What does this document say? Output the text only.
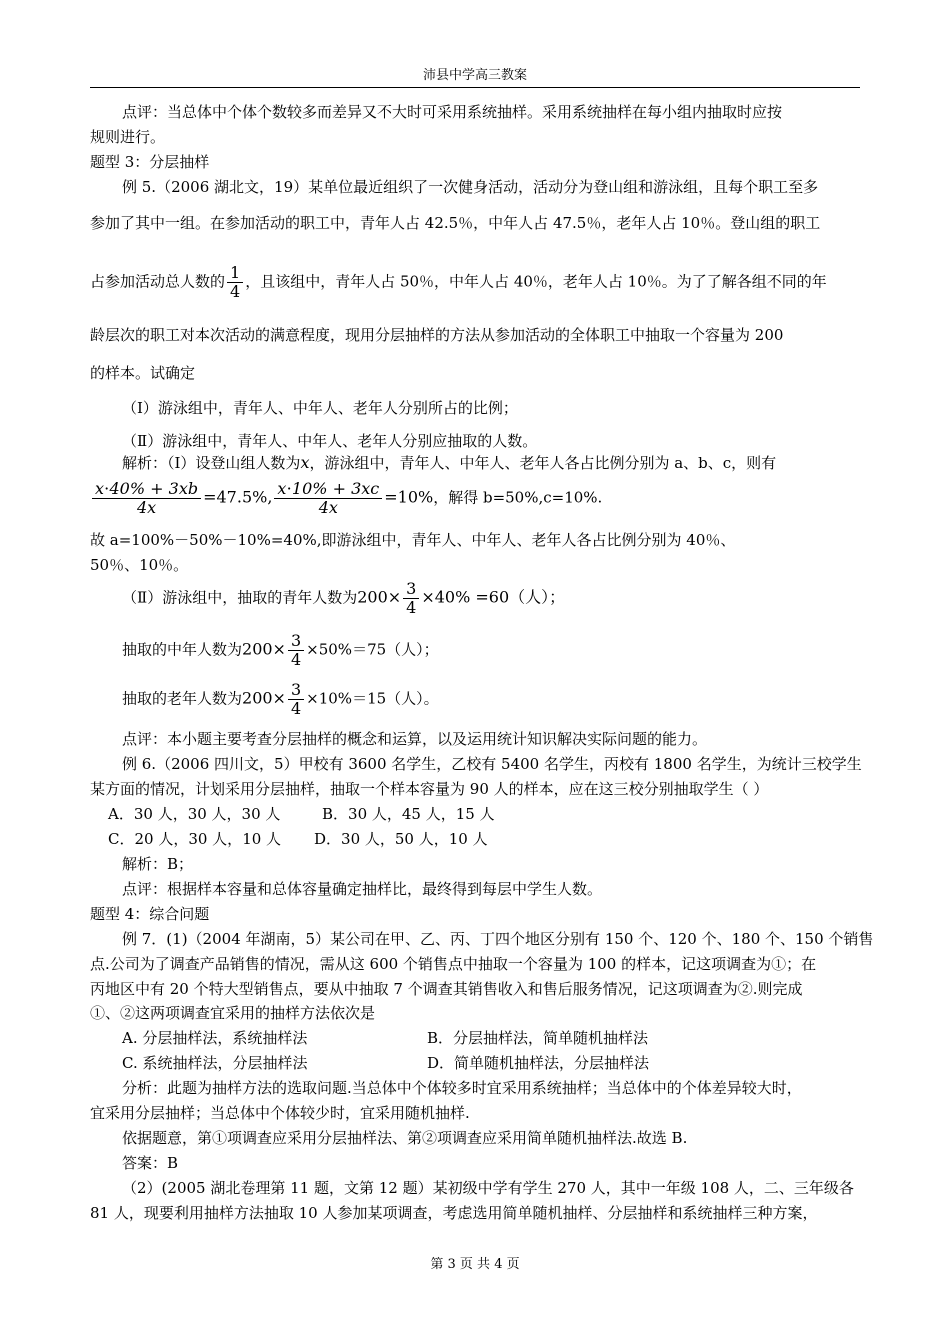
沛县中学高三教案
点评：当总体中个体个数较多而差异又不大时可采用系统抽样。采用系统抽样在每小组内抽取时应按
规则进行。
题型 3：分层抽样
例 5.（2006 湖北文，19）某单位最近组织了一次健身活动，活动分为登山组和游泳组，且每个职工至多
参加了其中一组。在参加活动的职工中，青年人占 42.5％，中年人占 47.5％，老年人占 10％。登山组的职工
占参加活动总人数的 $\frac{1}{4}$ ，且该组中，青年人占 50％，中年人占 40％，老年人占 10％。为了了解各组不同的年
龄层次的职工对本次活动的满意程度，现用分层抽样的方法从参加活动的全体职工中抽取一个容量为 200
的样本。试确定
（Ⅰ）游泳组中，青年人、中年人、老年人分别所占的比例；
（Ⅱ）游泳组中，青年人、中年人、老年人分别应抽取的人数。
解析：（Ⅰ）设登山组人数为x，游泳组中，青年人、中年人、老年人各占比例分别为 a、b、c，则有
$\frac{x\cdot 40\% + 3xb}{4x} =47.5\%$, $\frac{x\cdot 10\% + 3xc}{4x} =10\%$，解得 b=50%,c=10%.
故 a=100%－50%－10%=40%,即游泳组中，青年人、中年人、老年人各占比例分别为 40％、
50％、10％。
（Ⅱ）游泳组中，抽取的青年人数为$200\times \frac{3}{4} \times 40\% =60$（人）；
抽取的中年人数为$200\times \frac{3}{4} \times 50\%=75$（人）；
抽取的老年人数为$200\times \frac{3}{4} \times 10\%=15$（人）。
点评：本小题主要考查分层抽样的概念和运算，以及运用统计知识解决实际问题的能力。
例 6.（2006 四川文，5）甲校有 3600 名学生，乙校有 5400 名学生，丙校有 1800 名学生，为统计三校学生
某方面的情况，计划采用分层抽样，抽取一个样本容量为 90 人的样本，应在这三校分别抽取学生（ ）
A．30 人，30 人，30 人	B．30 人，45 人，15 人
C．20 人，30 人，10 人 D．30 人，50 人，10 人
解析：B；
点评：根据样本容量和总体容量确定抽样比，最终得到每层中学生人数。
题型 4：综合问题
例 7．(1)（2004 年湖南，5）某公司在甲、乙、丙、丁四个地区分别有 150 个、120 个、180 个、150 个销售
点.公司为了调查产品销售的情况，需从这 600 个销售点中抽取一个容量为 100 的样本，记这项调查为①；在
丙地区中有 20 个特大型销售点，要从中抽取 7 个调查其销售收入和售后服务情况，记这项调查为②.则完成
①、②这两项调查宜采用的抽样方法依次是
A. 分层抽样法，系统抽样法	B．分层抽样法，简单随机抽样法
C. 系统抽样法，分层抽样法	D．简单随机抽样法，分层抽样法
分析：此题为抽样方法的选取问题.当总体中个体较多时宜采用系统抽样；当总体中的个体差异较大时，
宜采用分层抽样；当总体中个体较少时，宜采用随机抽样.
依据题意，第①项调查应采用分层抽样法、第②项调查应采用简单随机抽样法.故选 B.
答案：B
（2）(2005 湖北卷理第 11 题，文第 12 题）某初级中学有学生 270 人，其中一年级 108 人，二、三年级各
81 人，现要利用抽样方法抽取 10 人参加某项调查，考虑选用简单随机抽样、分层抽样和系统抽样三种方案，
第 3 页 共 4 页
